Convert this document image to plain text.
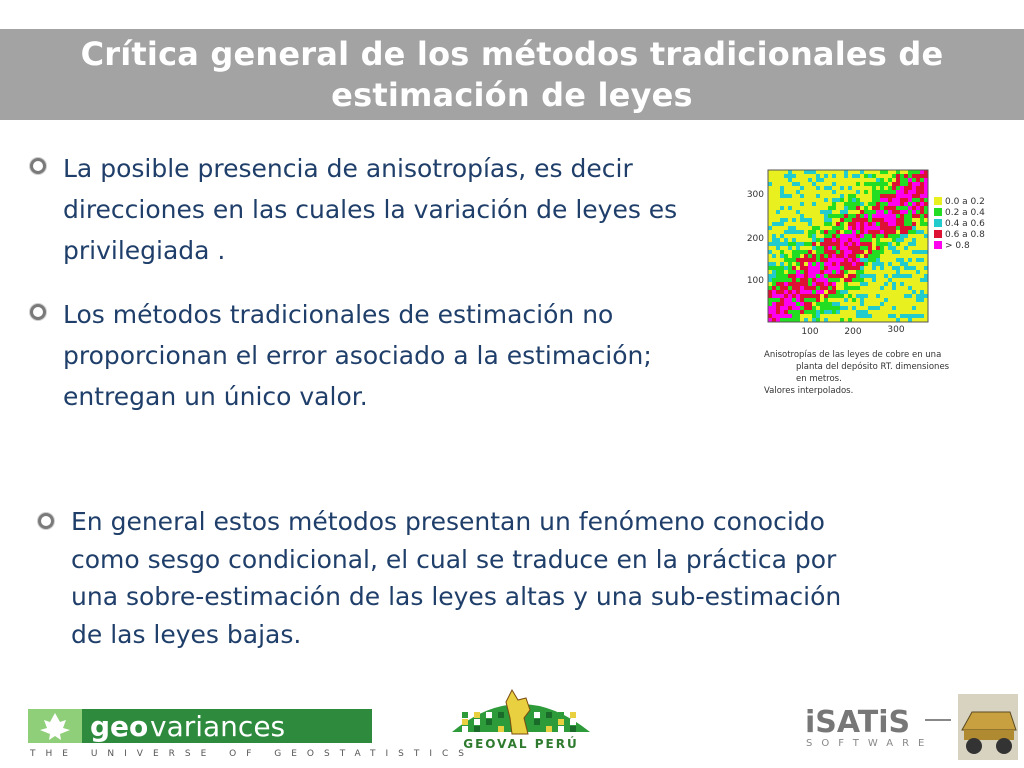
Crítica general de los métodos tradicionales de estimación de leyes
La posible presencia de anisotropías, es decir direcciones en las cuales la variación de leyes es privilegiada .
Los métodos tradicionales de estimación no proporcionan el error asociado a la estimación; entregan un único valor.
En general estos métodos presentan un fenómeno conocido como sesgo condicional, el cual se traduce en la práctica por una sobre-estimación de las leyes altas y una sub-estimación de las leyes bajas.
300
200
100
100	200	300
0.0 a 0.2
0.2 a 0.4
0.4 a 0.6
0.6 a 0.8
> 0.8
Anisotropías de las leyes de cobre en una
planta del depósito RT. dimensiones
en metros.
Valores interpolados.
geo variances
THE UNIVERSE OF GEOSTATISTICS
GEOVAL PERÚ
iSATiS
SOFTWARE
